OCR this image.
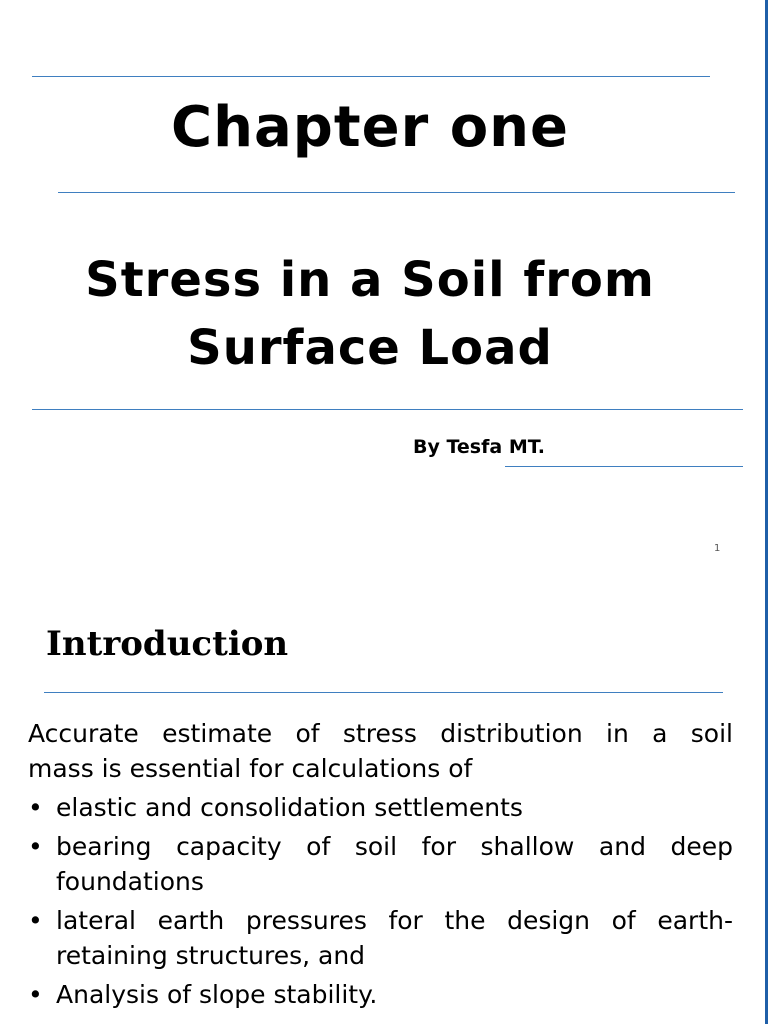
Chapter one
Stress in a Soil from
Surface Load
By Tesfa MT.
1
Introduction
Accurate estimate of stress distribution in a soil
mass is essential for calculations of
• elastic and consolidation settlements
• bearing capacity of soil for shallow and deep foundations
• lateral earth pressures for the design of earth-retaining structures, and
• Analysis of slope stability.
